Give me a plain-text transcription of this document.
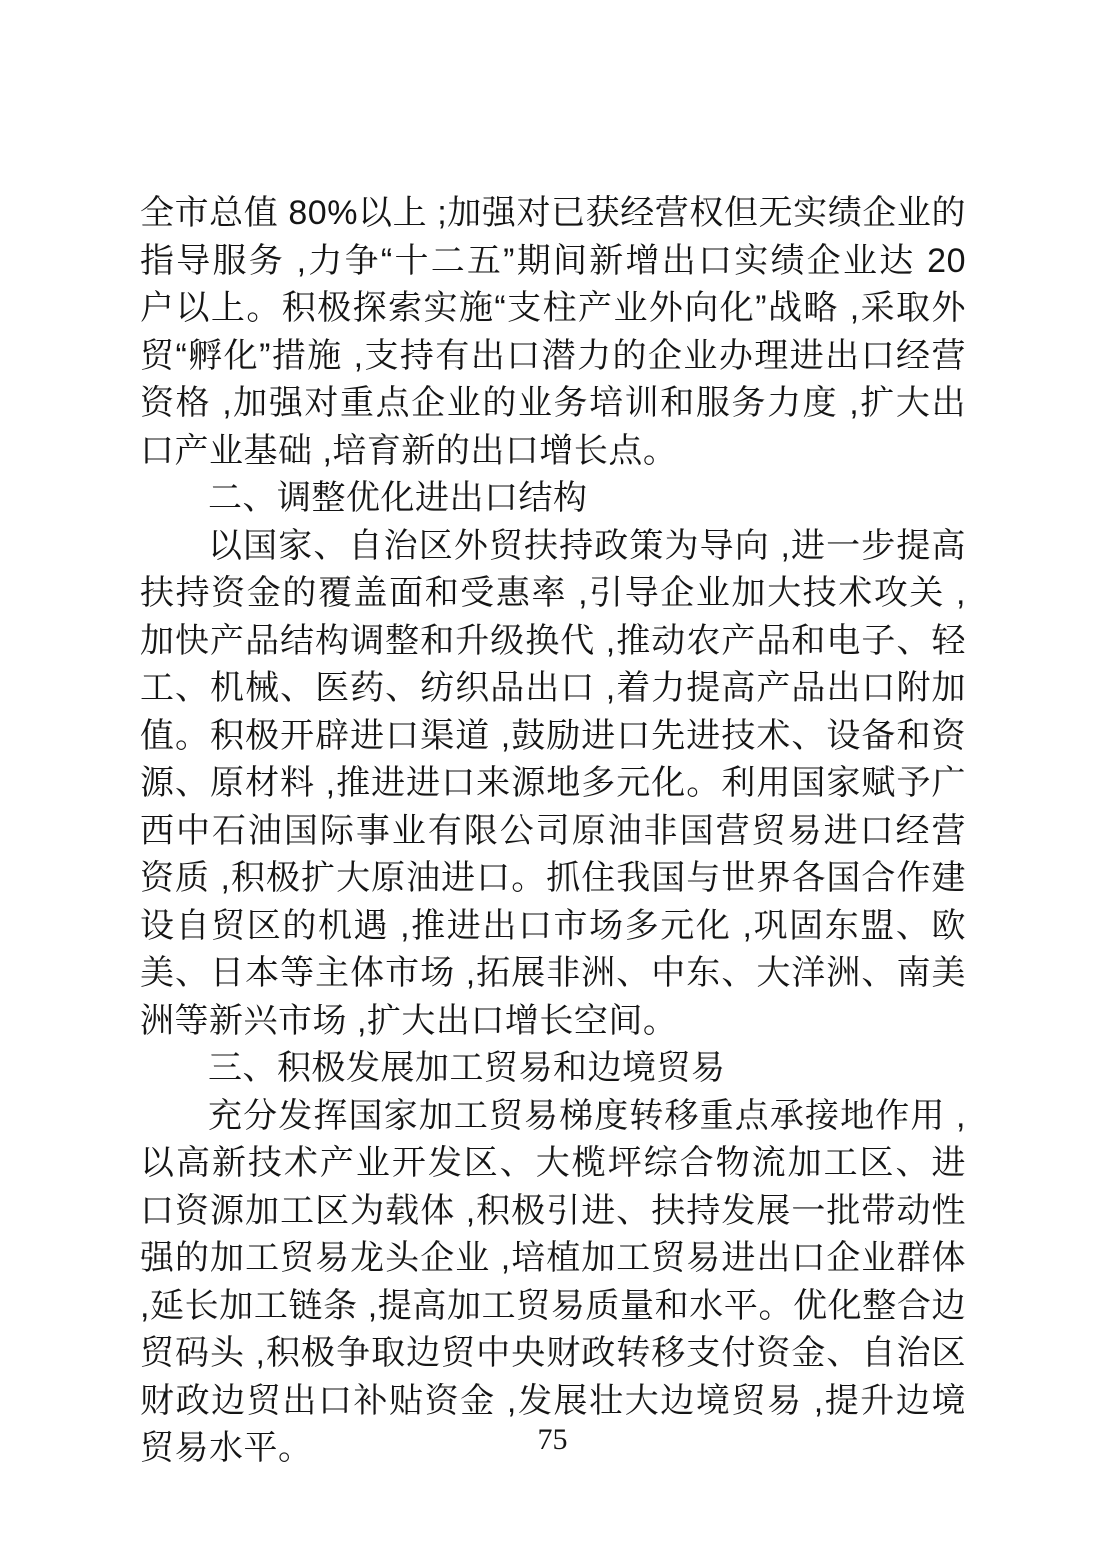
全市总值 80%以上 ;加强对已获经营权但无实绩企业的指导服务 ,力争“十二五”期间新增出口实绩企业达 20 户以上。积极探索实施“支柱产业外向化”战略 ,采取外贸“孵化”措施 ,支持有出口潜力的企业办理进出口经营资格 ,加强对重点企业的业务培训和服务力度 ,扩大出口产业基础 ,培育新的出口增长点。

二、调整优化进出口结构

以国家、自治区外贸扶持政策为导向 ,进一步提高扶持资金的覆盖面和受惠率 ,引导企业加大技术攻关 ,加快产品结构调整和升级换代 ,推动农产品和电子、轻工、机械、医药、纺织品出口 ,着力提高产品出口附加值。积极开辟进口渠道 ,鼓励进口先进技术、设备和资源、原材料 ,推进进口来源地多元化。利用国家赋予广西中石油国际事业有限公司原油非国营贸易进口经营资质 ,积极扩大原油进口。抓住我国与世界各国合作建设自贸区的机遇 ,推进出口市场多元化 ,巩固东盟、欧美、日本等主体市场 ,拓展非洲、中东、大洋洲、南美洲等新兴市场 ,扩大出口增长空间。

三、积极发展加工贸易和边境贸易

充分发挥国家加工贸易梯度转移重点承接地作用 ,以高新技术产业开发区、大榄坪综合物流加工区、进口资源加工区为载体 ,积极引进、扶持发展一批带动性强的加工贸易龙头企业 ,培植加工贸易进出口企业群体 ,延长加工链条 ,提高加工贸易质量和水平。优化整合边贸码头 ,积极争取边贸中央财政转移支付资金、自治区财政边贸出口补贴资金 ,发展壮大边境贸易 ,提升边境贸易水平。	75
